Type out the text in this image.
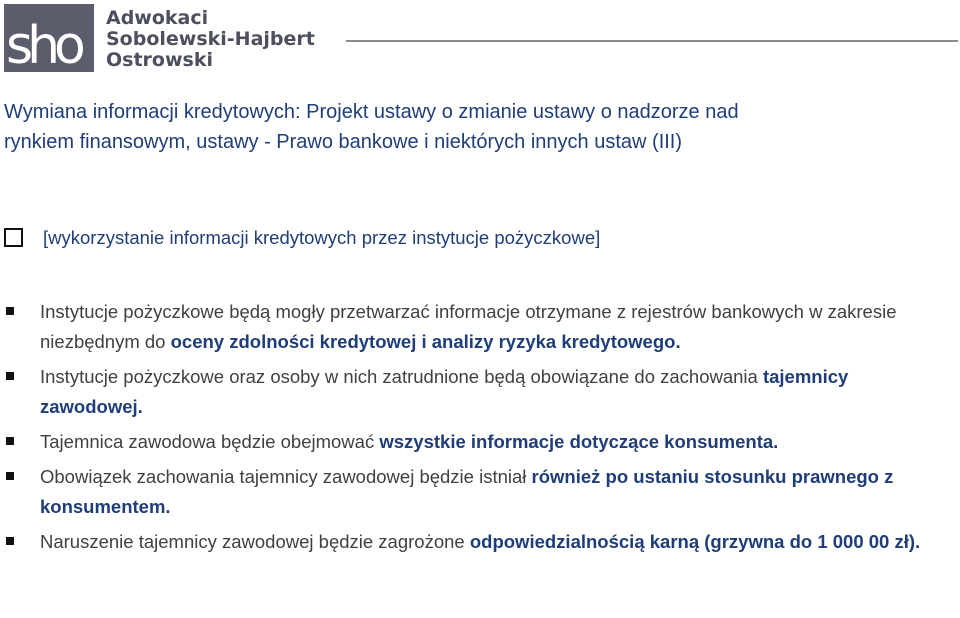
sho Adwokaci
Sobolewski-Hajbert
Ostrowski
Wymiana informacji kredytowych: Projekt ustawy o zmianie ustawy o nadzorze nad
rynkiem finansowym, ustawy - Prawo bankowe i niektórych innych ustaw (III)
[wykorzystanie informacji kredytowych przez instytucje pożyczkowe]
Instytucje pożyczkowe będą mogły przetwarzać informacje otrzymane z rejestrów bankowych w zakresie niezbędnym do oceny zdolności kredytowej i analizy ryzyka kredytowego.
Instytucje pożyczkowe oraz osoby w nich zatrudnione będą obowiązane do zachowania tajemnicy zawodowej.
Tajemnica zawodowa będzie obejmować wszystkie informacje dotyczące konsumenta.
Obowiązek zachowania tajemnicy zawodowej będzie istniał również po ustaniu stosunku prawnego z konsumentem.
Naruszenie tajemnicy zawodowej będzie zagrożone odpowiedzialnością karną (grzywna do 1 000 00 zł).
